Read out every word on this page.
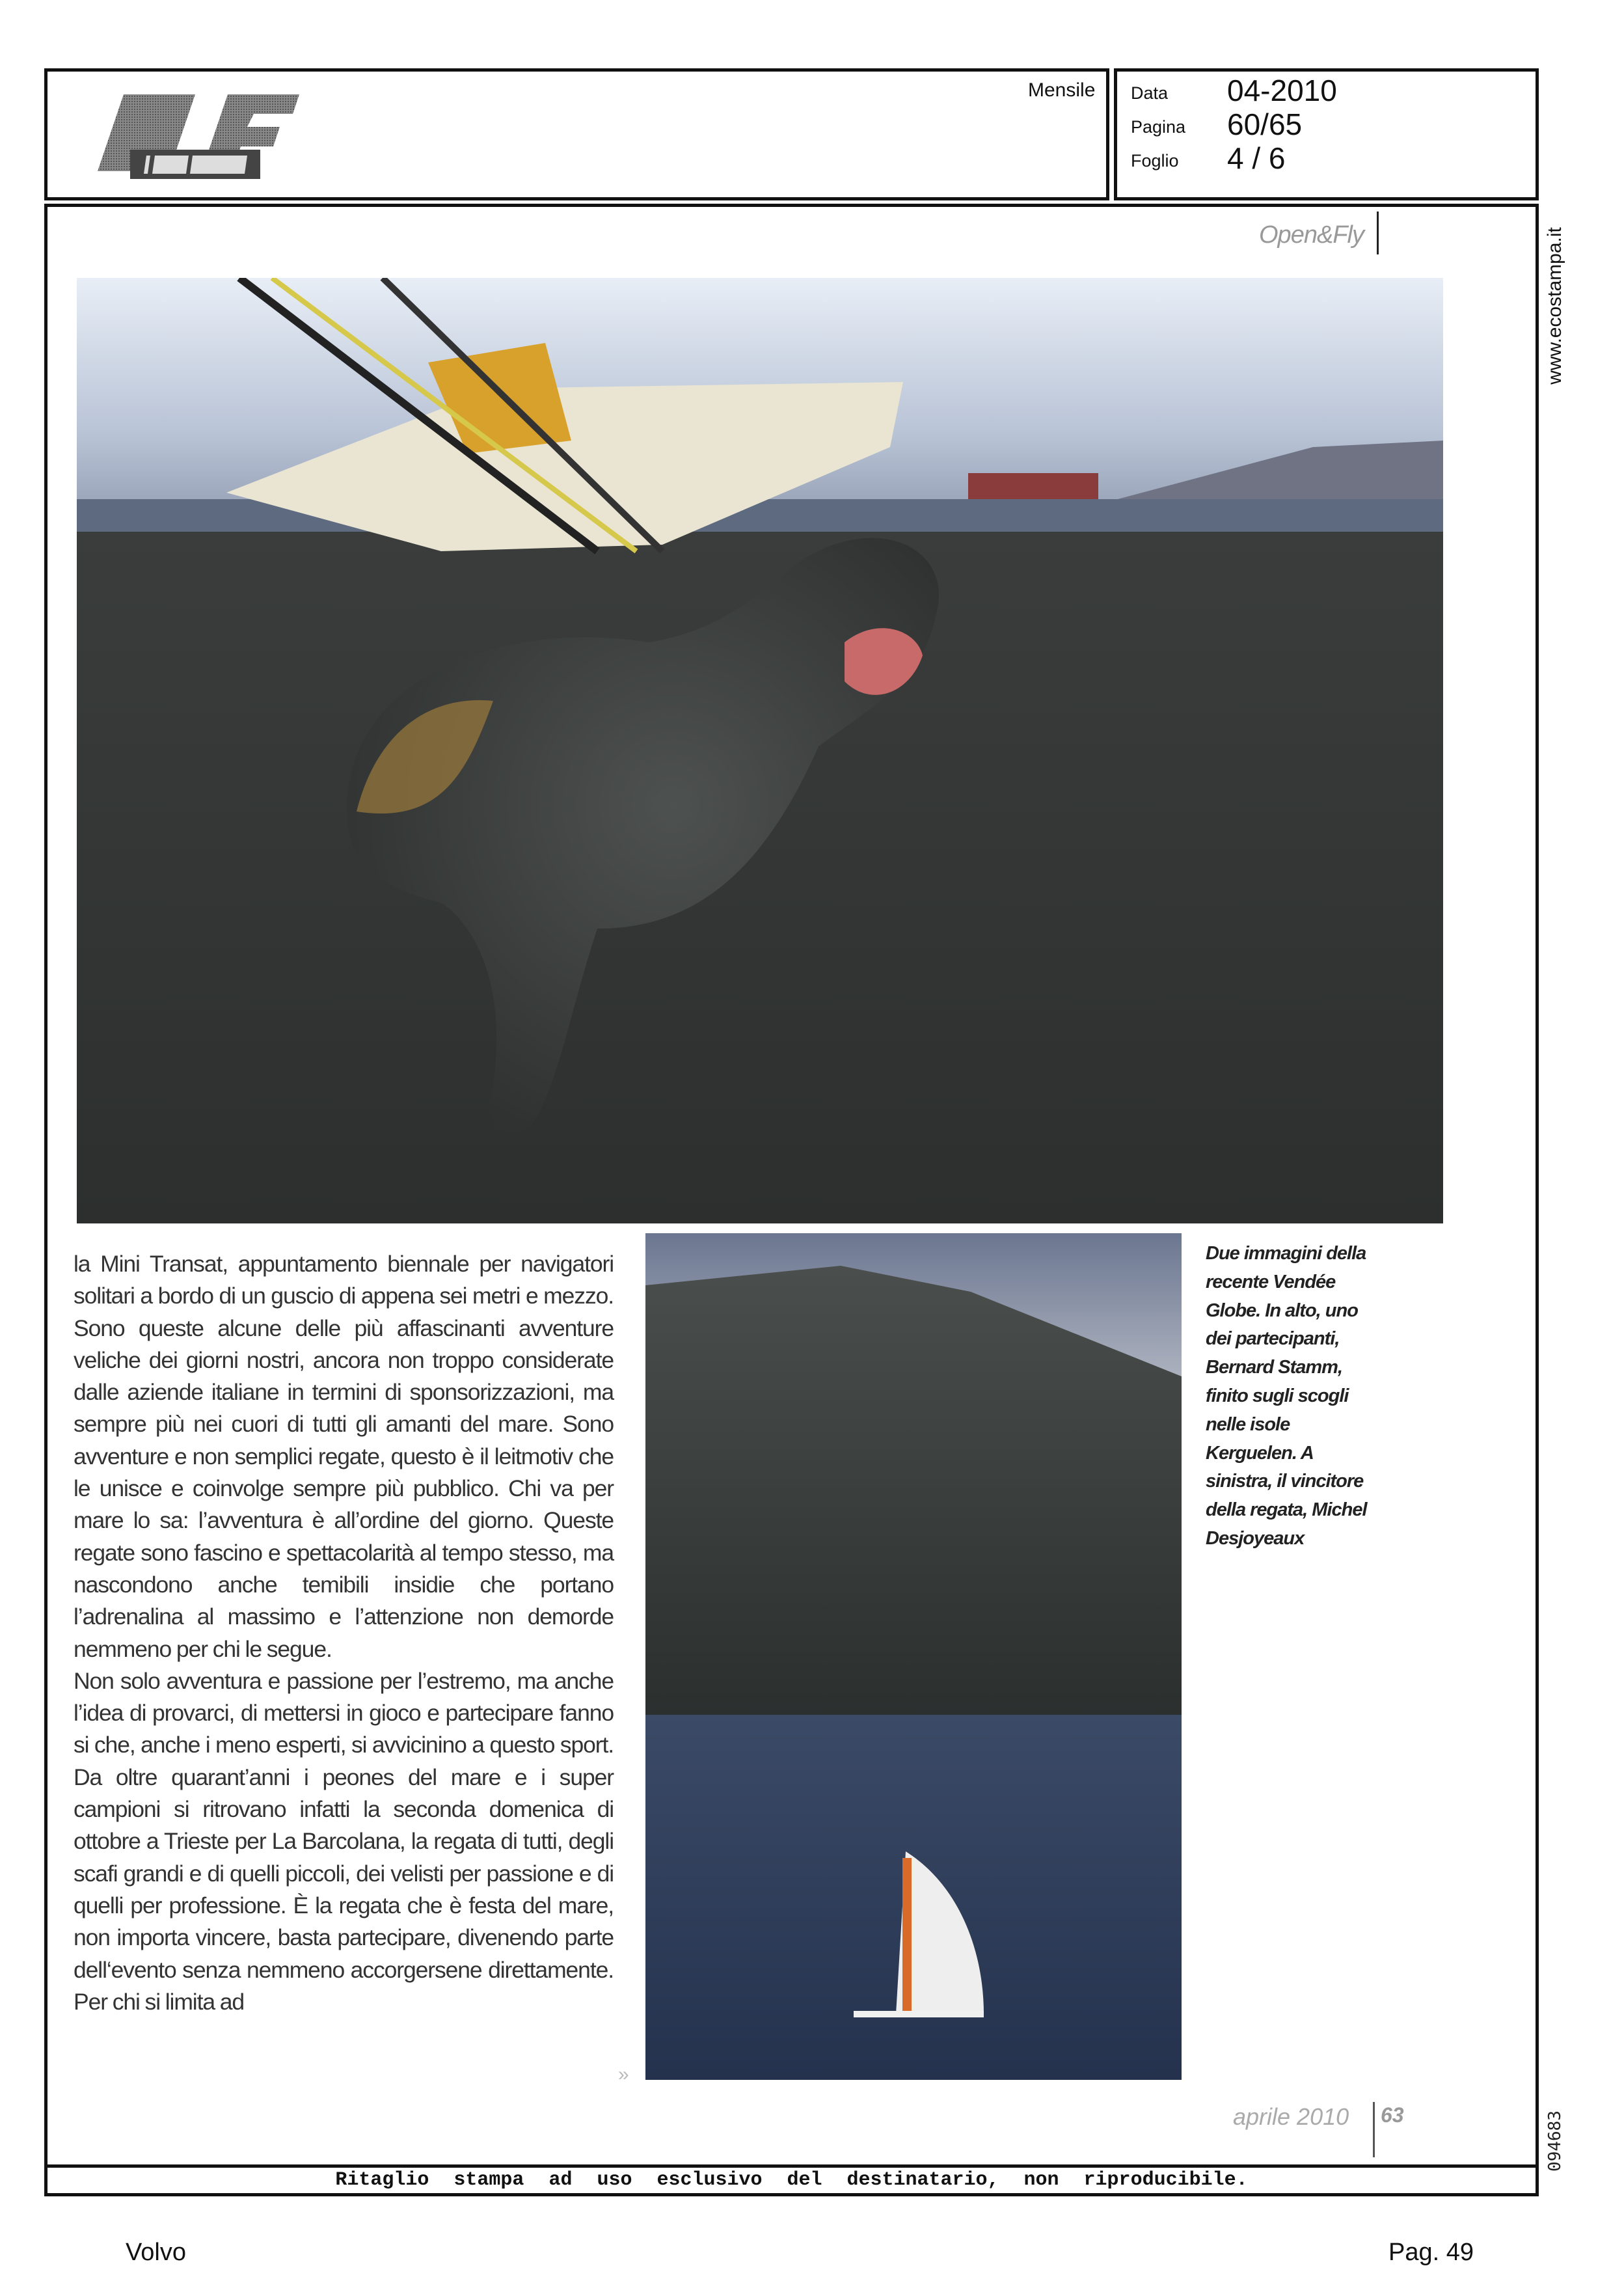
Mensile Data 04-2010
Pagina 60/65
Foglio 4 / 6
Open&Fly	www.ecostampa.it
094683

la Mini Transat, appuntamento biennale per navigatori solitari a bordo di un guscio di appena sei metri e mezzo. Sono queste alcune delle più affascinanti avventure veliche dei giorni nostri, ancora non troppo considerate dalle aziende italiane in termini di sponsorizzazioni, ma sempre più nei cuori di tutti gli amanti del mare. Sono avventure e non semplici regate, questo è il leitmotiv che le unisce e coinvolge sempre più pubblico. Chi va per mare lo sa: l’avventura è all’ordine del giorno. Queste regate sono fascino e spettacolarità al tempo stesso, ma nascondono anche temibili insidie che portano l’adrenalina al massimo e l’attenzione non demorde nemmeno per chi le segue.

Non solo avventura e passione per l’estremo, ma anche l’idea di provarci, di mettersi in gioco e partecipare fanno si che, anche i meno esperti, si avvicinino a questo sport. Da oltre quarant’anni i peones del mare e i super campioni si ritrovano infatti la seconda domenica di ottobre a Trieste per La Barcolana, la regata di tutti, degli scafi grandi e di quelli piccoli, dei velisti per passione e di quelli per professione. È la regata che è festa del mare, non importa vincere, basta partecipare, divenendo parte dell‘evento senza nemmeno accorgersene direttamente. Per chi si limita ad

»
Due immagini della recente Vendée Globe. In alto, uno dei partecipanti, Bernard Stamm, finito sugli scogli nelle isole Kerguelen. A sinistra, il vincitore della regata, Michel Desjoyeaux
aprile 2010 63
Ritaglio stampa ad uso esclusivo del destinatario, non riproducibile.
Volvo	Pag. 49
